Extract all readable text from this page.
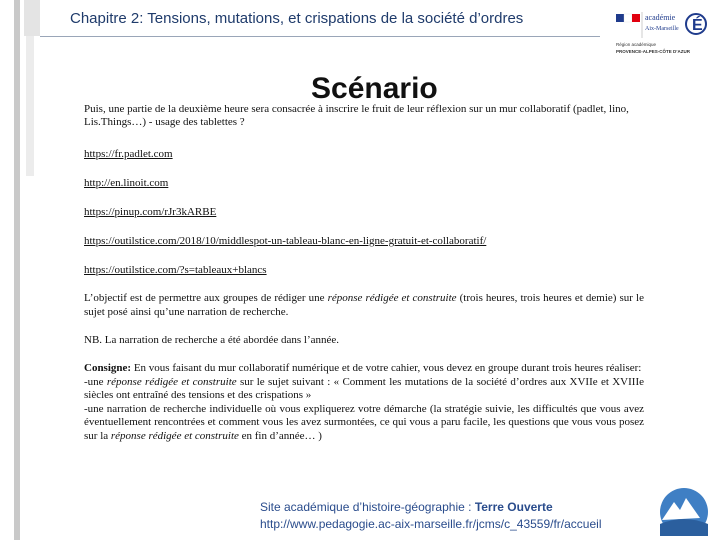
Chapitre 2: Tensions, mutations, et crispations de la société d’ordres	académie
Aix-Marseille É
Région académique
PROVENCE-ALPES-CÔTE D’AZUR
Scénario

Puis, une partie de la deuxième heure sera consacrée à inscrire le fruit de leur réflexion sur un mur collaboratif (padlet, lino, Lis.Things…) - usage des tablettes ?

https://fr.padlet.com
http://en.linoit.com
https://pinup.com/rJr3kARBE
https://outilstice.com/2018/10/middlespot-un-tableau-blanc-en-ligne-gratuit-et-collaboratif/
https://outilstice.com/?s=tableaux+blancs
L’objectif est de permettre aux groupes de rédiger une réponse rédigée et construite (trois heures, trois heures et demie) sur le sujet posé ainsi qu’une narration de recherche.
NB. La narration de recherche a été abordée dans l’année.
Consigne: En vous faisant du mur collaboratif numérique et de votre cahier, vous devez en groupe durant trois heures réaliser:
-une réponse rédigée et construite sur le sujet suivant : « Comment les mutations de la société d’ordres aux XVIIe et XVIIIe siècles ont entraîné des tensions et des crispations »
-une narration de recherche individuelle où vous expliquerez votre démarche (la stratégie suivie, les difficultés que vous avez éventuellement rencontrées et comment vous les avez surmontées, ce qui vous a paru facile, les questions que vous vous posez sur la réponse rédigée et construite en fin d’année… )
Site académique d’histoire-géographie : Terre Ouverte
http://www.pedagogie.ac-aix-marseille.fr/jcms/c_43559/fr/accueil
